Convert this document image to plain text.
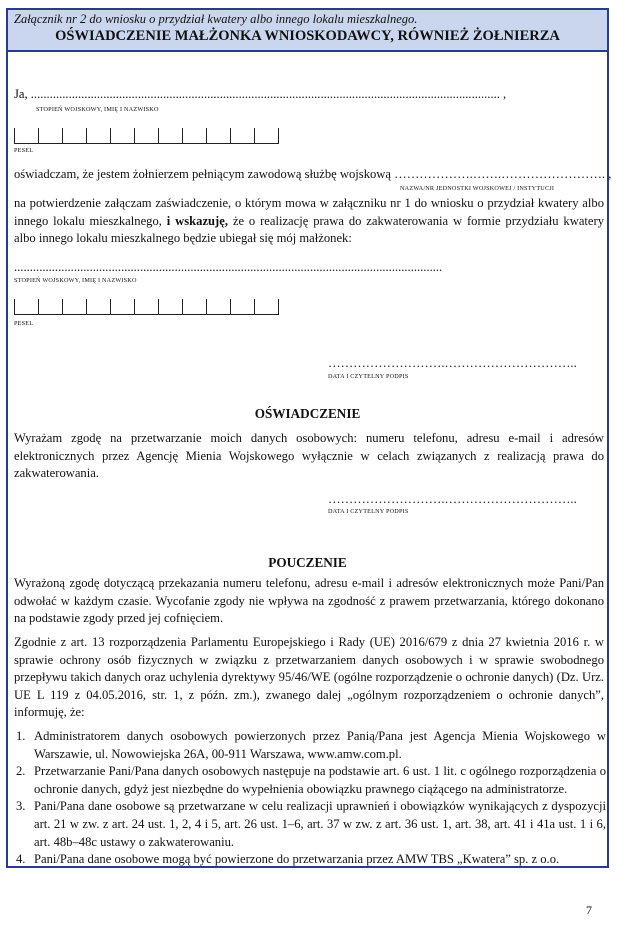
Załącznik nr 2 do wniosku o przydział kwatery albo innego lokalu mieszkalnego.
OŚWIADCZENIE MAŁŻONKA WNIOSKODAWCY, RÓWNIEŻ ŻOŁNIERZA
Ja, ..................................................................................................................................................... ,
STOPIEŃ WOJSKOWY, IMIĘ I NAZWISKO
PESEL
oświadczam, że jestem żołnierzem pełniącym zawodową służbę wojskową ……………….…….……………………. ,
NAZWA/NR JEDNOSTKI WOJSKOWEJ / INSTYTUCJI
na potwierdzenie załączam zaświadczenie, o którym mowa w załączniku nr 1 do wniosku o przydział kwatery albo innego lokalu mieszkalnego, i wskazuję, że o realizację prawa do zakwaterowania w formie przydziału kwatery albo innego lokalu mieszkalnego będzie ubiegał się mój małżonek:
........................................................................................................................................
STOPIEŃ WOJSKOWY, IMIĘ I NAZWISKO
PESEL
……………………….…………………………..
DATA I CZYTELNY PODPIS
OŚWIADCZENIE
Wyrażam zgodę na przetwarzanie moich danych osobowych: numeru telefonu, adresu e-mail i adresów elektronicznych przez Agencję Mienia Wojskowego wyłącznie w celach związanych z realizacją prawa do zakwaterowania.
……………………….…………………………..
DATA I CZYTELNY PODPIS
POUCZENIE
Wyrażoną zgodę dotyczącą przekazania numeru telefonu, adresu e-mail i adresów elektronicznych może Pani/Pan odwołać w każdym czasie. Wycofanie zgody nie wpływa na zgodność z prawem przetwarzania, którego dokonano na podstawie zgody przed jej cofnięciem.
Zgodnie z art. 13 rozporządzenia Parlamentu Europejskiego i Rady (UE) 2016/679 z dnia 27 kwietnia 2016 r. w sprawie ochrony osób fizycznych w związku z przetwarzaniem danych osobowych i w sprawie swobodnego przepływu takich danych oraz uchylenia dyrektywy 95/46/WE (ogólne rozporządzenie o ochronie danych) (Dz. Urz. UE L 119 z 04.05.2016, str. 1, z późn. zm.), zwanego dalej „ogólnym rozporządzeniem o ochronie danych”, informuję, że:
1. Administratorem danych osobowych powierzonych przez Panią/Pana jest Agencja Mienia Wojskowego w Warszawie, ul. Nowowiejska 26A, 00-911 Warszawa, www.amw.com.pl.
2. Przetwarzanie Pani/Pana danych osobowych następuje na podstawie art. 6 ust. 1 lit. c ogólnego rozporządzenia o ochronie danych, gdyż jest niezbędne do wypełnienia obowiązku prawnego ciążącego na administratorze.
3. Pani/Pana dane osobowe są przetwarzane w celu realizacji uprawnień i obowiązków wynikających z dyspozycji art. 21 w zw. z art. 24 ust. 1, 2, 4 i 5, art. 26 ust. 1–6, art. 37 w zw. z art. 36 ust. 1, art. 38, art. 41 i 41a ust. 1 i 6, art. 48b–48c ustawy o zakwaterowaniu.
4. Pani/Pana dane osobowe mogą być powierzone do przetwarzania przez AMW TBS „Kwatera” sp. z o.o.
7
